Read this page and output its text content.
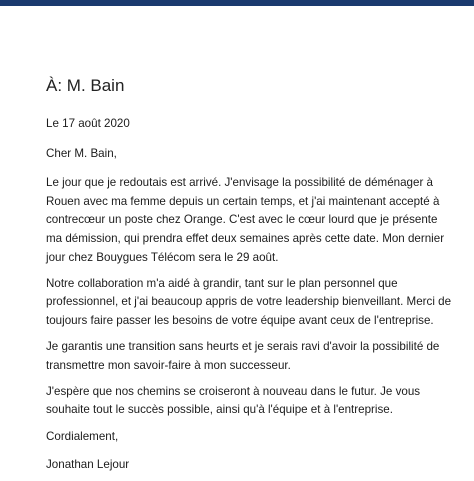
À: M. Bain

Le 17 août 2020

Cher M. Bain,

Le jour que je redoutais est arrivé. J'envisage la possibilité de déménager à Rouen avec ma femme depuis un certain temps, et j'ai maintenant accepté à contrecœur un poste chez Orange. C'est avec le cœur lourd que je présente ma démission, qui prendra effet deux semaines après cette date. Mon dernier jour chez Bouygues Télécom sera le 29 août.

Notre collaboration m'a aidé à grandir, tant sur le plan personnel que professionnel, et j'ai beaucoup appris de votre leadership bienveillant. Merci de toujours faire passer les besoins de votre équipe avant ceux de l'entreprise.

Je garantis une transition sans heurts et je serais ravi d'avoir la possibilité de transmettre mon savoir-faire à mon successeur.

J'espère que nos chemins se croiseront à nouveau dans le futur. Je vous souhaite tout le succès possible, ainsi qu'à l'équipe et à l'entreprise.

Cordialement,

Jonathan Lejour
